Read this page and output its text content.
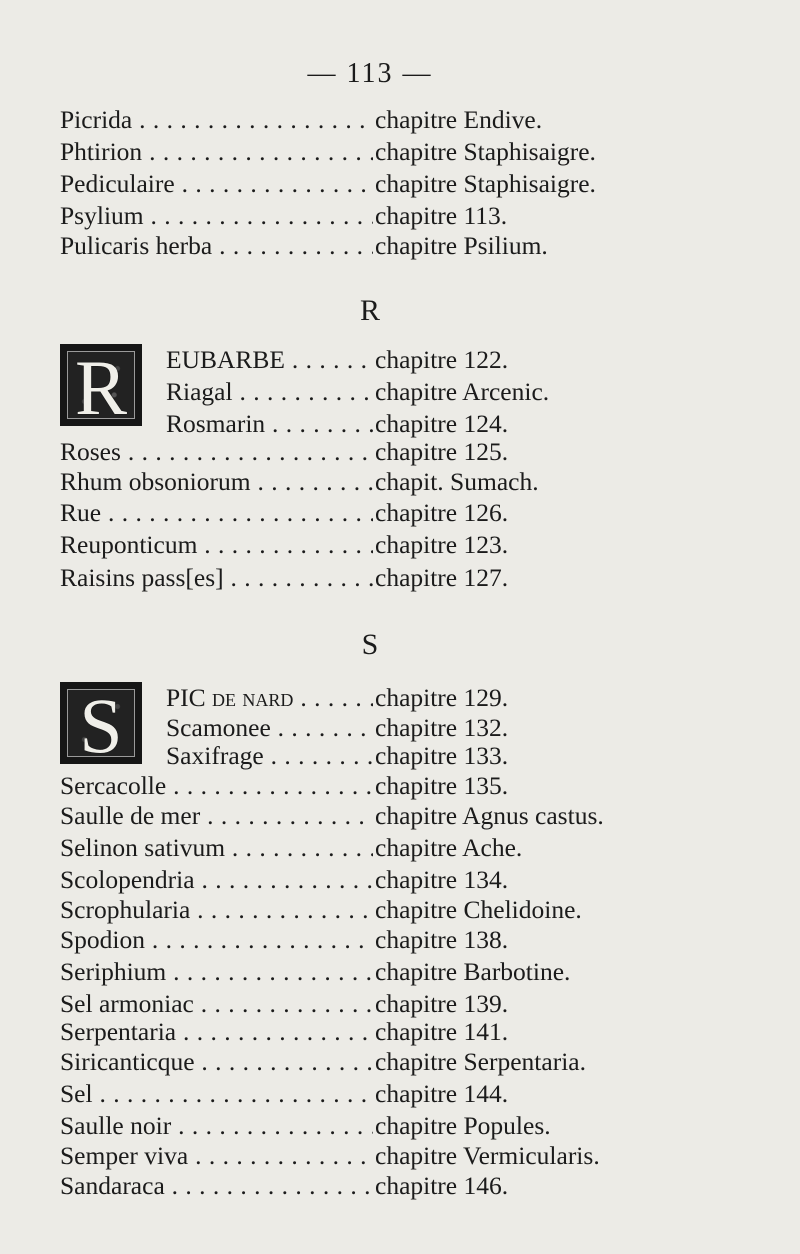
— 113 —
Picrida . . .	chapitre Endive.
Phtirion . . .	chapitre Staphisaigre.
Pediculaire . . .	chapitre Staphisaigre.
Psylium . . .	chapitre 113.
Pulicaris herba . . .	chapitre Psilium.
R
R	EUBARBE . . .	chapitre 122.
Riagal . . .	chapitre Arcenic.
Rosmarin . . .	chapitre 124.
Roses . . .	chapitre 125.
Rhum obsoniorum . . .	chapit. Sumach.
Rue . . .	chapitre 126.
Reuponticum . . .	chapitre 123.
Raisins pass[es] . . .	chapitre 127.
S
S	PIC de nard . . .	chapitre 129.
Scamonee . . .	chapitre 132.
Saxifrage . . .	chapitre 133.
Sercacolle . . .	chapitre 135.
Saulle de mer . . .	chapitre Agnus castus.
Selinon sativum . . .	chapitre Ache.
Scolopendria . . .	chapitre 134.
Scrophularia . . .	chapitre Chelidoine.
Spodion . . .	chapitre 138.
Seriphium . . .	chapitre Barbotine.
Sel armoniac . . .	chapitre 139.
Serpentaria . . .	chapitre 141.
Siricanticque . . .	chapitre Serpentaria.
Sel . . .	chapitre 144.
Saulle noir . . .	chapitre Popules.
Semper viva . . .	chapitre Vermicularis.
Sandaraca . . .	chapitre 146.
